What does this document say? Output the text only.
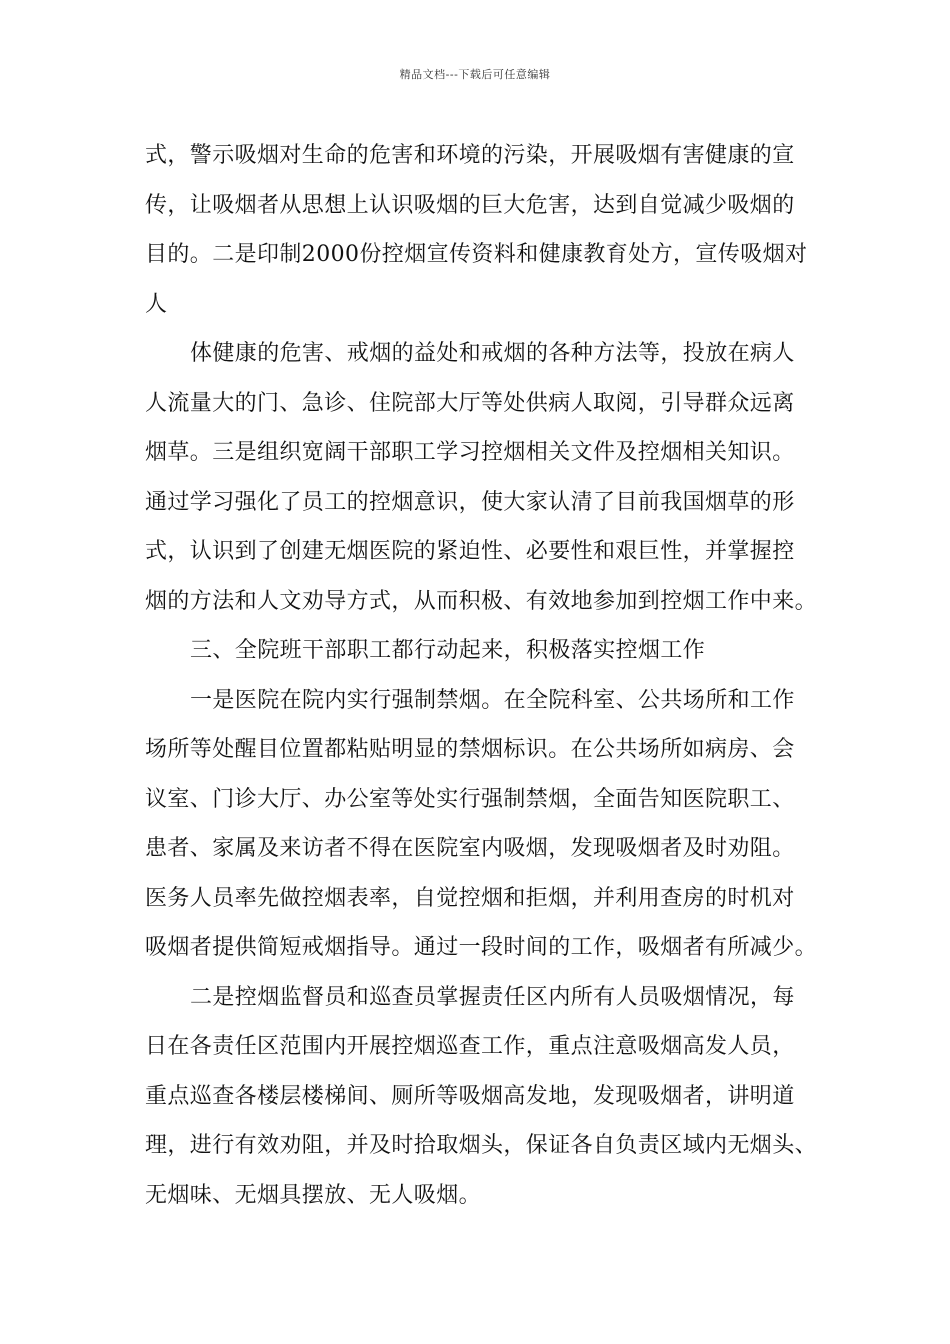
精品文档---下载后可任意编辑
式，警示吸烟对生命的危害和环境的污染，开展吸烟有害健康的宣
传，让吸烟者从思想上认识吸烟的巨大危害，达到自觉减少吸烟的
目的。二是印制2000份控烟宣传资料和健康教育处方，宣传吸烟对
人
体健康的危害、戒烟的益处和戒烟的各种方法等，投放在病人
人流量大的门、急诊、住院部大厅等处供病人取阅，引导群众远离
烟草。三是组织宽阔干部职工学习控烟相关文件及控烟相关知识。
通过学习强化了员工的控烟意识，使大家认清了目前我国烟草的形
式，认识到了创建无烟医院的紧迫性、必要性和艰巨性，并掌握控
烟的方法和人文劝导方式，从而积极、有效地参加到控烟工作中来。
三、全院班干部职工都行动起来，积极落实控烟工作
一是医院在院内实行强制禁烟。在全院科室、公共场所和工作
场所等处醒目位置都粘贴明显的禁烟标识。在公共场所如病房、会
议室、门诊大厅、办公室等处实行强制禁烟，全面告知医院职工、
患者、家属及来访者不得在医院室内吸烟，发现吸烟者及时劝阻。
医务人员率先做控烟表率，自觉控烟和拒烟，并利用查房的时机对
吸烟者提供简短戒烟指导。通过一段时间的工作，吸烟者有所减少。
二是控烟监督员和巡查员掌握责任区内所有人员吸烟情况，每
日在各责任区范围内开展控烟巡查工作，重点注意吸烟高发人员，
重点巡查各楼层楼梯间、厕所等吸烟高发地，发现吸烟者，讲明道
理，进行有效劝阻，并及时拾取烟头，保证各自负责区域内无烟头、
无烟味、无烟具摆放、无人吸烟。
